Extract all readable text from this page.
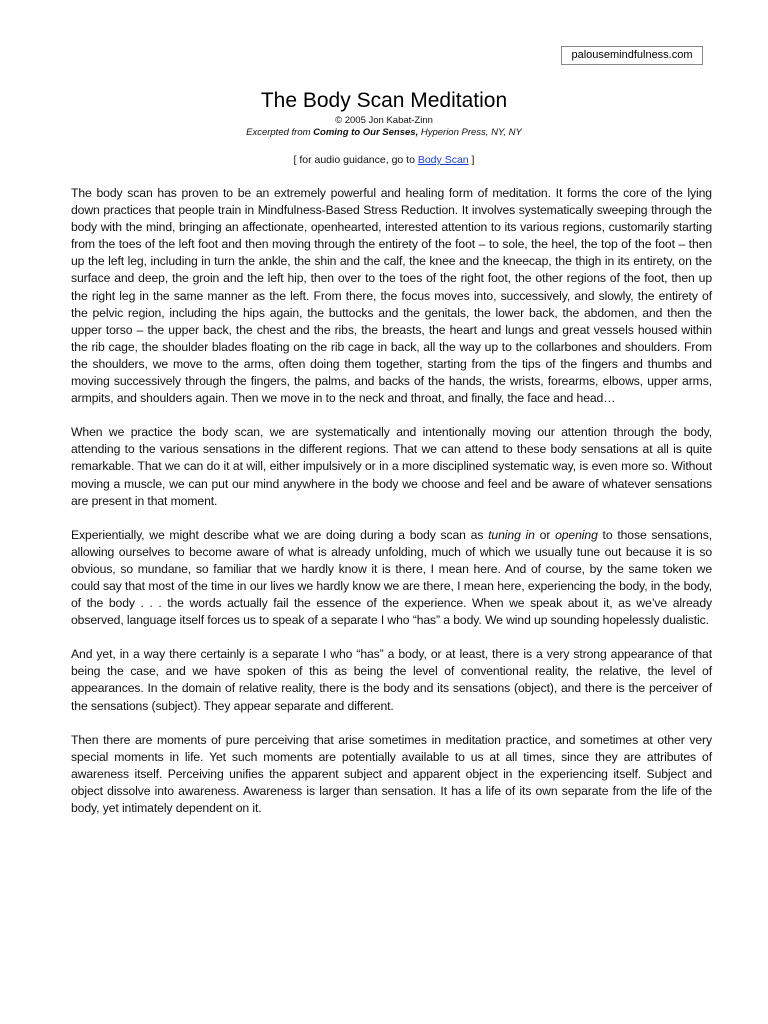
palousemindfulness.com
The Body Scan Meditation
© 2005 Jon Kabat-Zinn
Excerpted from Coming to Our Senses, Hyperion Press, NY, NY
[ for audio guidance, go to Body Scan ]

The body scan has proven to be an extremely powerful and healing form of meditation. It forms the core of the lying down practices that people train in Mindfulness-Based Stress Reduction. It involves systematically sweeping through the body with the mind, bringing an affectionate, openhearted, interested attention to its various regions, customarily starting from the toes of the left foot and then moving through the entirety of the foot – to sole, the heel, the top of the foot – then up the left leg, including in turn the ankle, the shin and the calf, the knee and the kneecap, the thigh in its entirety, on the surface and deep, the groin and the left hip, then over to the toes of the right foot, the other regions of the foot, then up the right leg in the same manner as the left. From there, the focus moves into, successively, and slowly, the entirety of the pelvic region, including the hips again, the buttocks and the genitals, the lower back, the abdomen, and then the upper torso – the upper back, the chest and the ribs, the breasts, the heart and lungs and great vessels housed within the rib cage, the shoulder blades floating on the rib cage in back, all the way up to the collarbones and shoulders. From the shoulders, we move to the arms, often doing them together, starting from the tips of the fingers and thumbs and moving successively through the fingers, the palms, and backs of the hands, the wrists, forearms, elbows, upper arms, armpits, and shoulders again. Then we move in to the neck and throat, and finally, the face and head…

When we practice the body scan, we are systematically and intentionally moving our attention through the body, attending to the various sensations in the different regions. That we can attend to these body sensations at all is quite remarkable. That we can do it at will, either impulsively or in a more disciplined systematic way, is even more so. Without moving a muscle, we can put our mind anywhere in the body we choose and feel and be aware of whatever sensations are present in that moment.

Experientially, we might describe what we are doing during a body scan as tuning in or opening to those sensations, allowing ourselves to become aware of what is already unfolding, much of which we usually tune out because it is so obvious, so mundane, so familiar that we hardly know it is there, I mean here. And of course, by the same token we could say that most of the time in our lives we hardly know we are there, I mean here, experiencing the body, in the body, of the body . . . the words actually fail the essence of the experience. When we speak about it, as we’ve already observed, language itself forces us to speak of a separate I who “has” a body. We wind up sounding hopelessly dualistic.

And yet, in a way there certainly is a separate I who “has” a body, or at least, there is a very strong appearance of that being the case, and we have spoken of this as being the level of conventional reality, the relative, the level of appearances. In the domain of relative reality, there is the body and its sensations (object), and there is the perceiver of the sensations (subject). They appear separate and different.

Then there are moments of pure perceiving that arise sometimes in meditation practice, and sometimes at other very special moments in life. Yet such moments are potentially available to us at all times, since they are attributes of awareness itself. Perceiving unifies the apparent subject and apparent object in the experiencing itself. Subject and object dissolve into awareness. Awareness is larger than sensation. It has a life of its own separate from the life of the body, yet intimately dependent on it.
